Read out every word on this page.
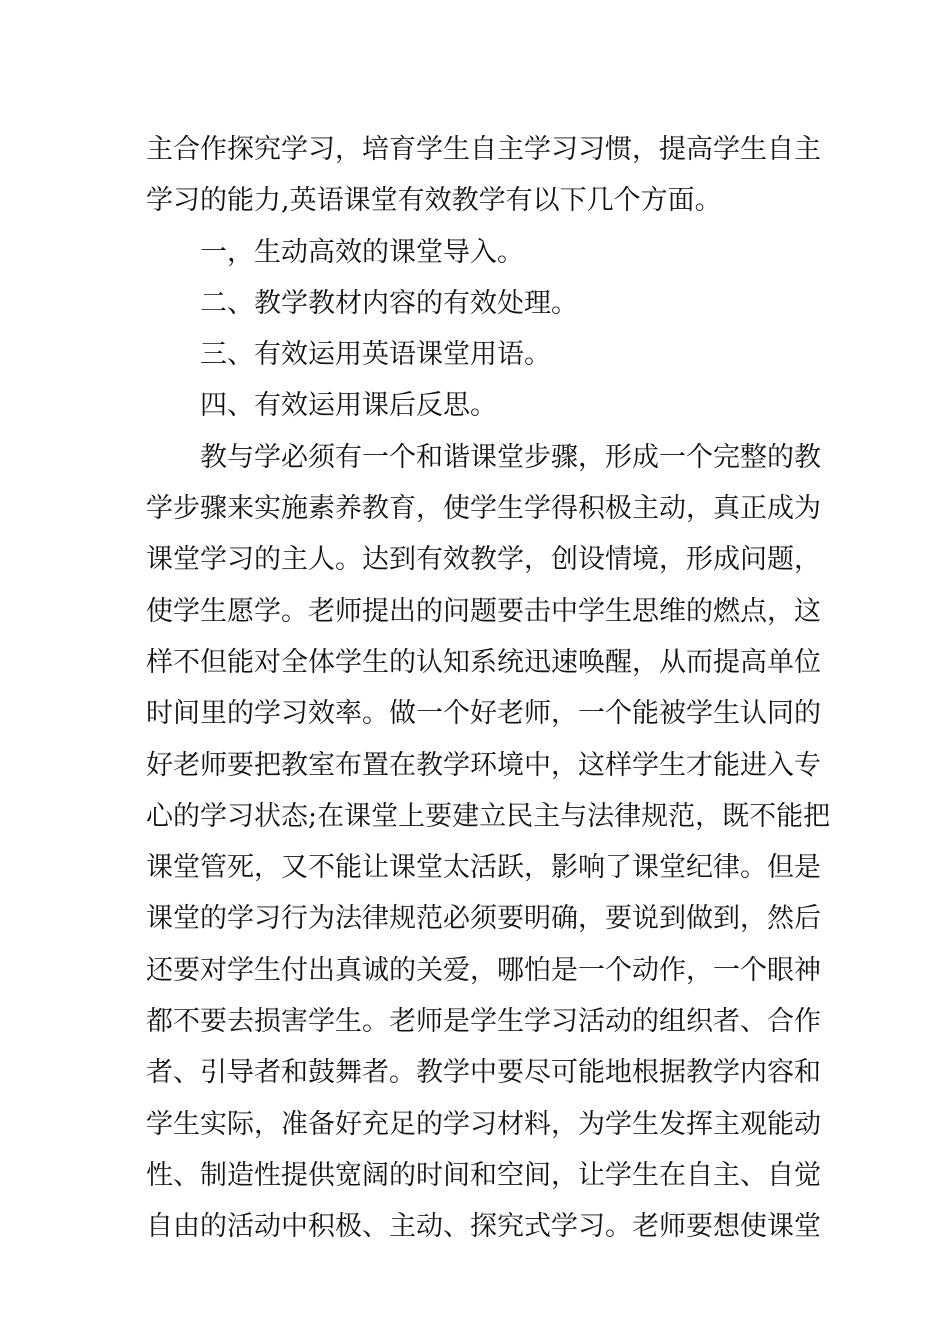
主合作探究学习，培育学生自主学习习惯，提高学生自主
学习的能力,英语课堂有效教学有以下几个方面。
一，生动高效的课堂导入。
二、教学教材内容的有效处理。
三、有效运用英语课堂用语。
四、有效运用课后反思。
教与学必须有一个和谐课堂步骤，形成一个完整的教
学步骤来实施素养教育，使学生学得积极主动，真正成为
课堂学习的主人。达到有效教学，创设情境，形成问题，
使学生愿学。老师提出的问题要击中学生思维的燃点，这
样不但能对全体学生的认知系统迅速唤醒，从而提高单位
时间里的学习效率。做一个好老师，一个能被学生认同的
好老师要把教室布置在教学环境中，这样学生才能进入专
心的学习状态;在课堂上要建立民主与法律规范，既不能把
课堂管死，又不能让课堂太活跃，影响了课堂纪律。但是
课堂的学习行为法律规范必须要明确，要说到做到，然后
还要对学生付出真诚的关爱，哪怕是一个动作，一个眼神
都不要去损害学生。老师是学生学习活动的组织者、合作
者、引导者和鼓舞者。教学中要尽可能地根据教学内容和
学生实际，准备好充足的学习材料，为学生发挥主观能动
性、制造性提供宽阔的时间和空间，让学生在自主、自觉
自由的活动中积极、主动、探究式学习。老师要想使课堂
